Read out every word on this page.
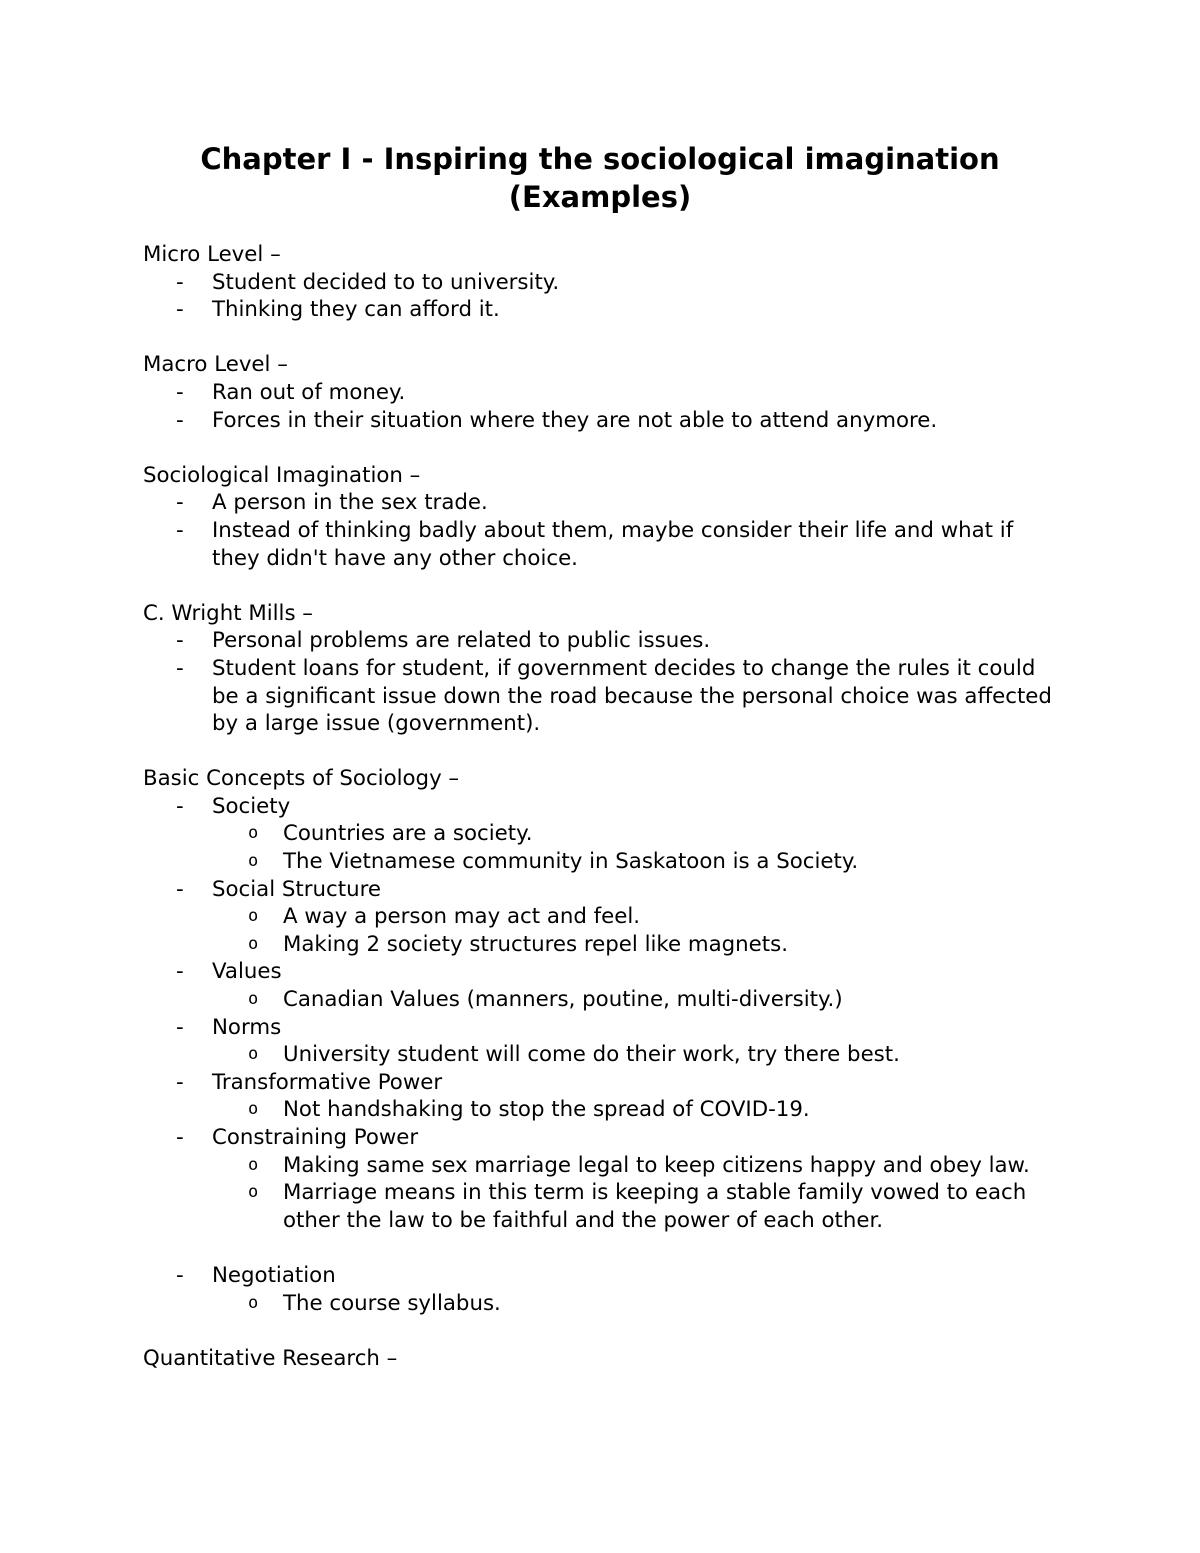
Chapter I - Inspiring the sociological imagination (Examples)

Micro Level –

- Student decided to to university.
- Thinking they can afford it.

Macro Level –

- Ran out of money.
- Forces in their situation where they are not able to attend anymore.

Sociological Imagination –

- A person in the sex trade.
- Instead of thinking badly about them, maybe consider their life and what if they didn't have any other choice.

C. Wright Mills –

- Personal problems are related to public issues.
- Student loans for student, if government decides to change the rules it could be a significant issue down the road because the personal choice was affected by a large issue (government).

Basic Concepts of Sociology –

- Society
o Countries are a society.
o The Vietnamese community in Saskatoon is a Society.
- Social Structure
o A way a person may act and feel.
o Making 2 society structures repel like magnets.
- Values
o Canadian Values (manners, poutine, multi-diversity.)
- Norms
o University student will come do their work, try there best.
- Transformative Power
o Not handshaking to stop the spread of COVID-19.
- Constraining Power
o Making same sex marriage legal to keep citizens happy and obey law.
o Marriage means in this term is keeping a stable family vowed to each other the law to be faithful and the power of each other.
- Negotiation
o The course syllabus.

Quantitative Research –
